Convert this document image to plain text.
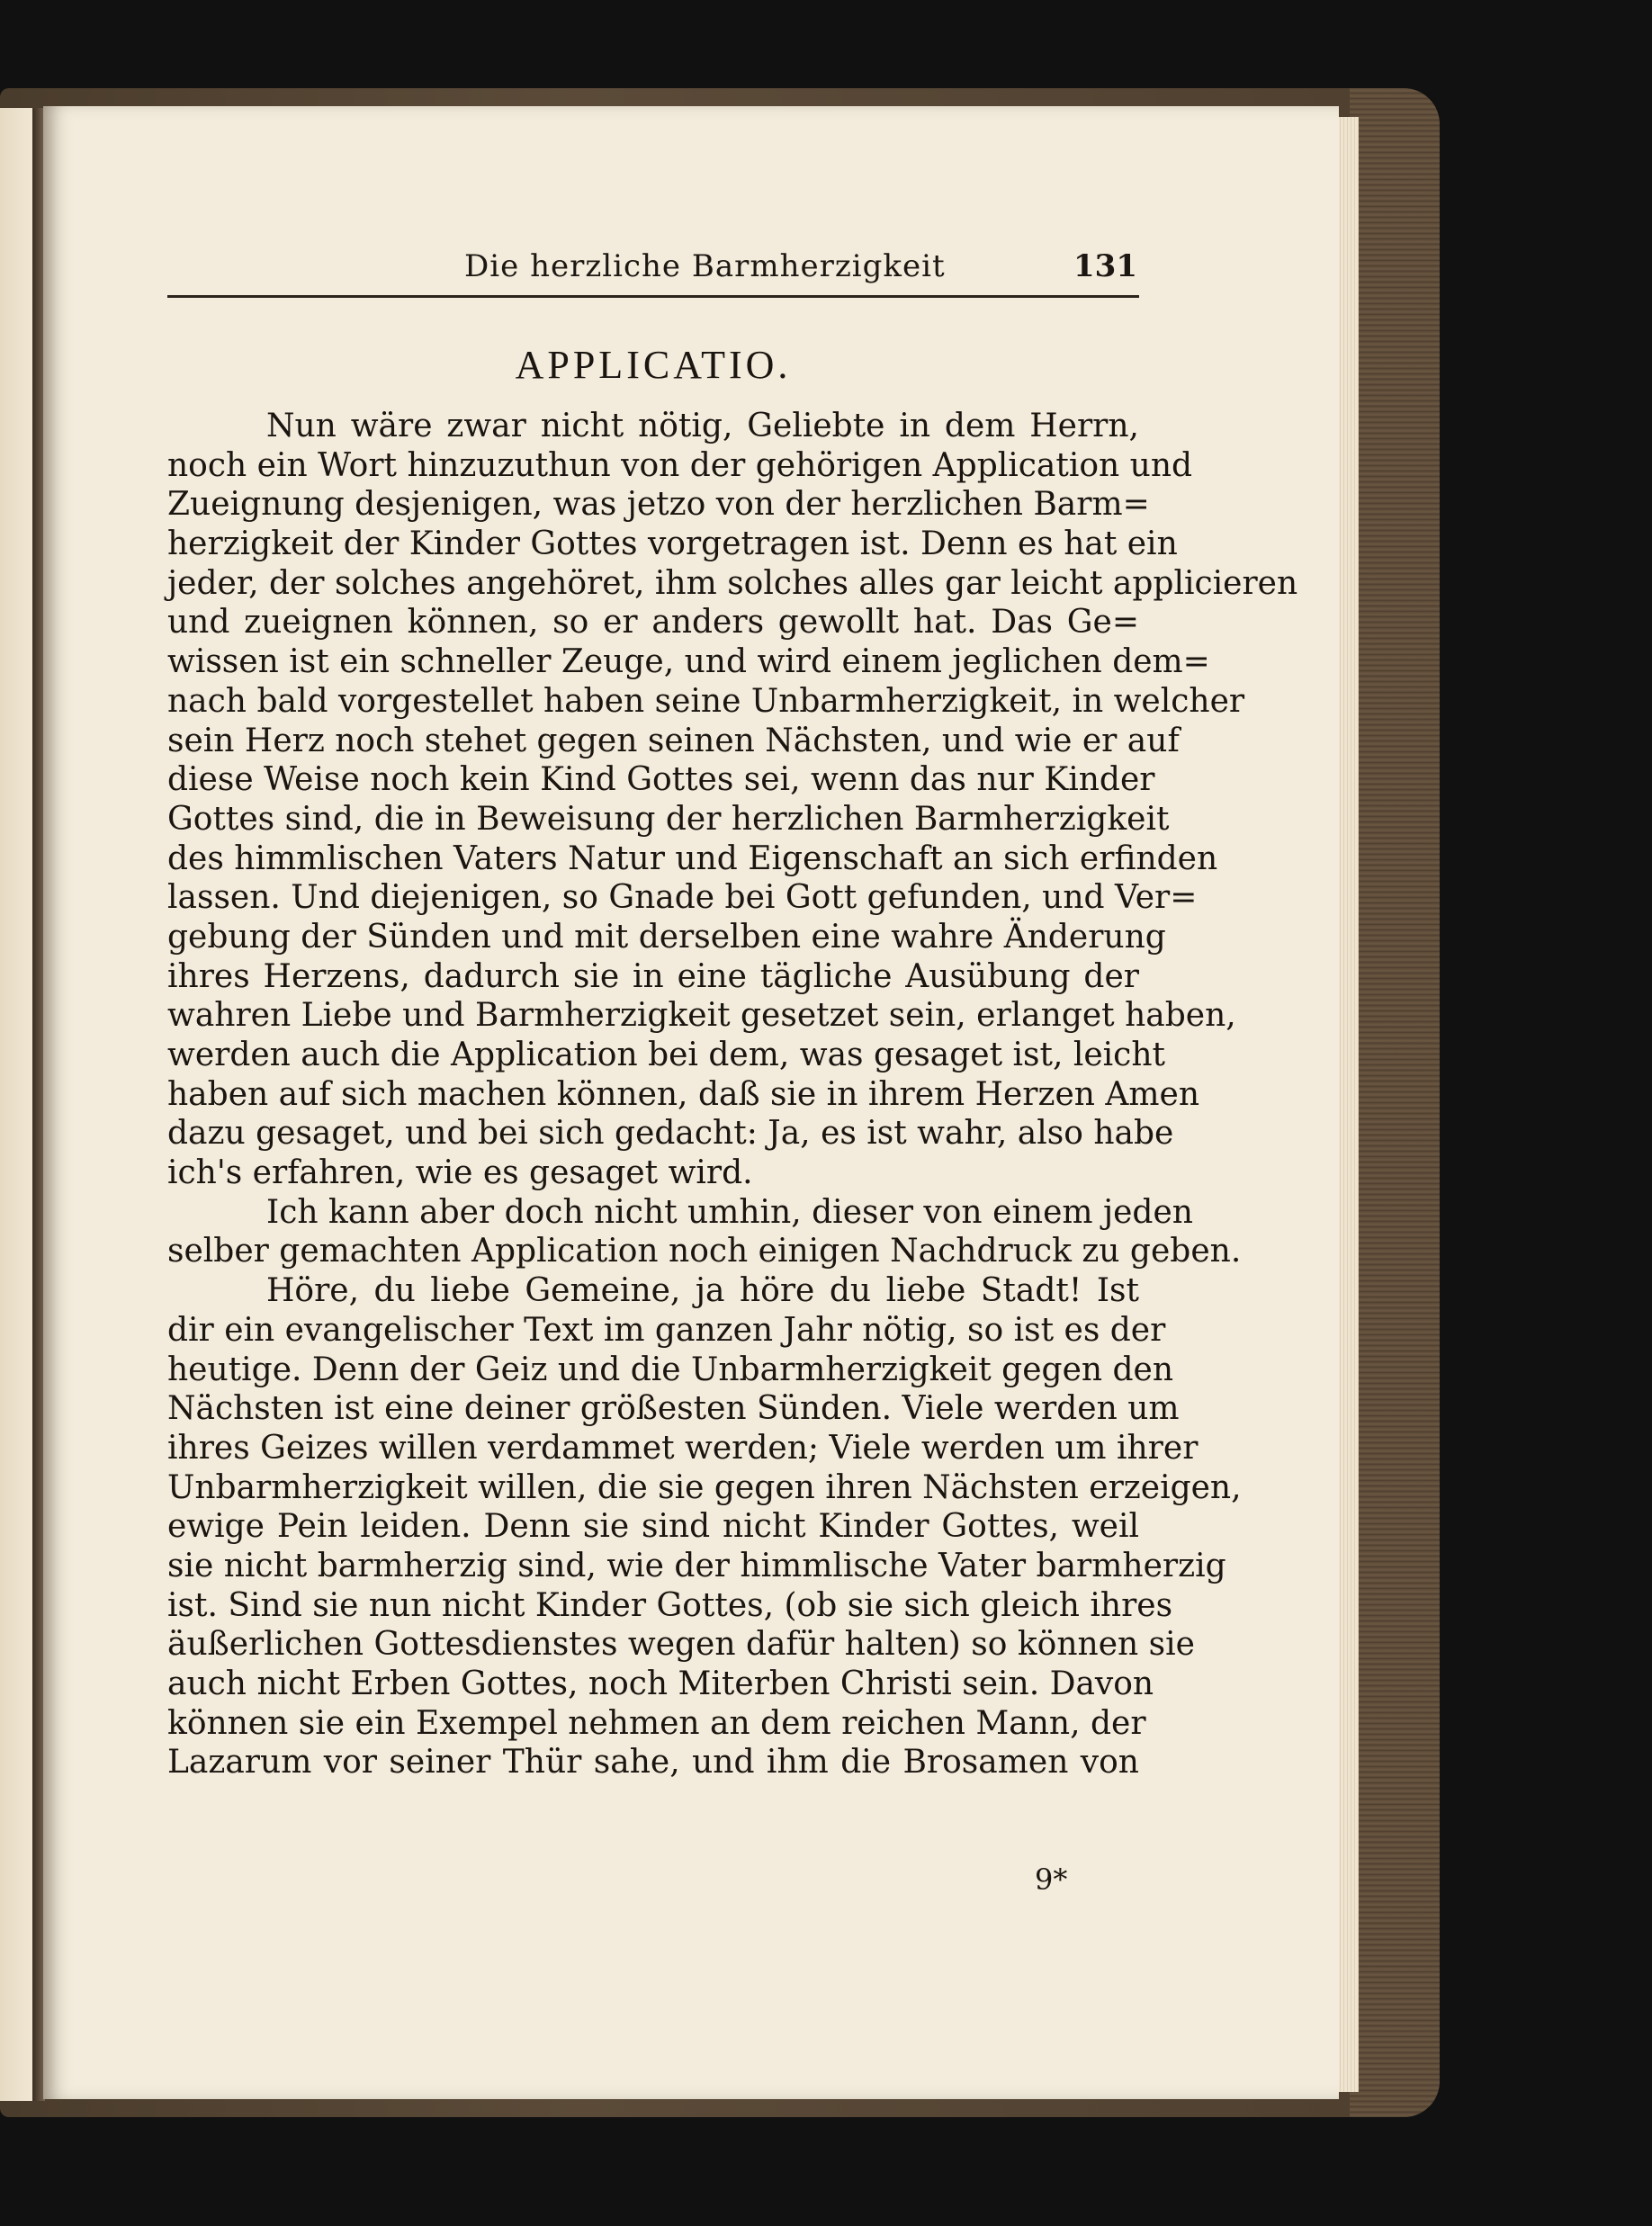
Die herzliche Barmherzigkeit	131
APPLICATIO.
Nun wäre zwar nicht nötig, Geliebte in dem Herrn,
noch ein Wort hinzuzuthun von der gehörigen Application und
Zueignung desjenigen, was jetzo von der herzlichen Barm=
herzigkeit der Kinder Gottes vorgetragen ist. Denn es hat ein
jeder, der solches angehöret, ihm solches alles gar leicht applicieren
und zueignen können, so er anders gewollt hat. Das Ge=
wissen ist ein schneller Zeuge, und wird einem jeglichen dem=
nach bald vorgestellet haben seine Unbarmherzigkeit, in welcher
sein Herz noch stehet gegen seinen Nächsten, und wie er auf
diese Weise noch kein Kind Gottes sei, wenn das nur Kinder
Gottes sind, die in Beweisung der herzlichen Barmherzigkeit
des himmlischen Vaters Natur und Eigenschaft an sich erfinden
lassen. Und diejenigen, so Gnade bei Gott gefunden, und Ver=
gebung der Sünden und mit derselben eine wahre Änderung
ihres Herzens, dadurch sie in eine tägliche Ausübung der
wahren Liebe und Barmherzigkeit gesetzet sein, erlanget haben,
werden auch die Application bei dem, was gesaget ist, leicht
haben auf sich machen können, daß sie in ihrem Herzen Amen
dazu gesaget, und bei sich gedacht: Ja, es ist wahr, also habe
ich's erfahren, wie es gesaget wird.
Ich kann aber doch nicht umhin, dieser von einem jeden
selber gemachten Application noch einigen Nachdruck zu geben.
Höre, du liebe Gemeine, ja höre du liebe Stadt! Ist
dir ein evangelischer Text im ganzen Jahr nötig, so ist es der
heutige. Denn der Geiz und die Unbarmherzigkeit gegen den
Nächsten ist eine deiner größesten Sünden. Viele werden um
ihres Geizes willen verdammet werden; Viele werden um ihrer
Unbarmherzigkeit willen, die sie gegen ihren Nächsten erzeigen,
ewige Pein leiden. Denn sie sind nicht Kinder Gottes, weil
sie nicht barmherzig sind, wie der himmlische Vater barmherzig
ist. Sind sie nun nicht Kinder Gottes, (ob sie sich gleich ihres
äußerlichen Gottesdienstes wegen dafür halten) so können sie
auch nicht Erben Gottes, noch Miterben Christi sein. Davon
können sie ein Exempel nehmen an dem reichen Mann, der
Lazarum vor seiner Thür sahe, und ihm die Brosamen von
9*
